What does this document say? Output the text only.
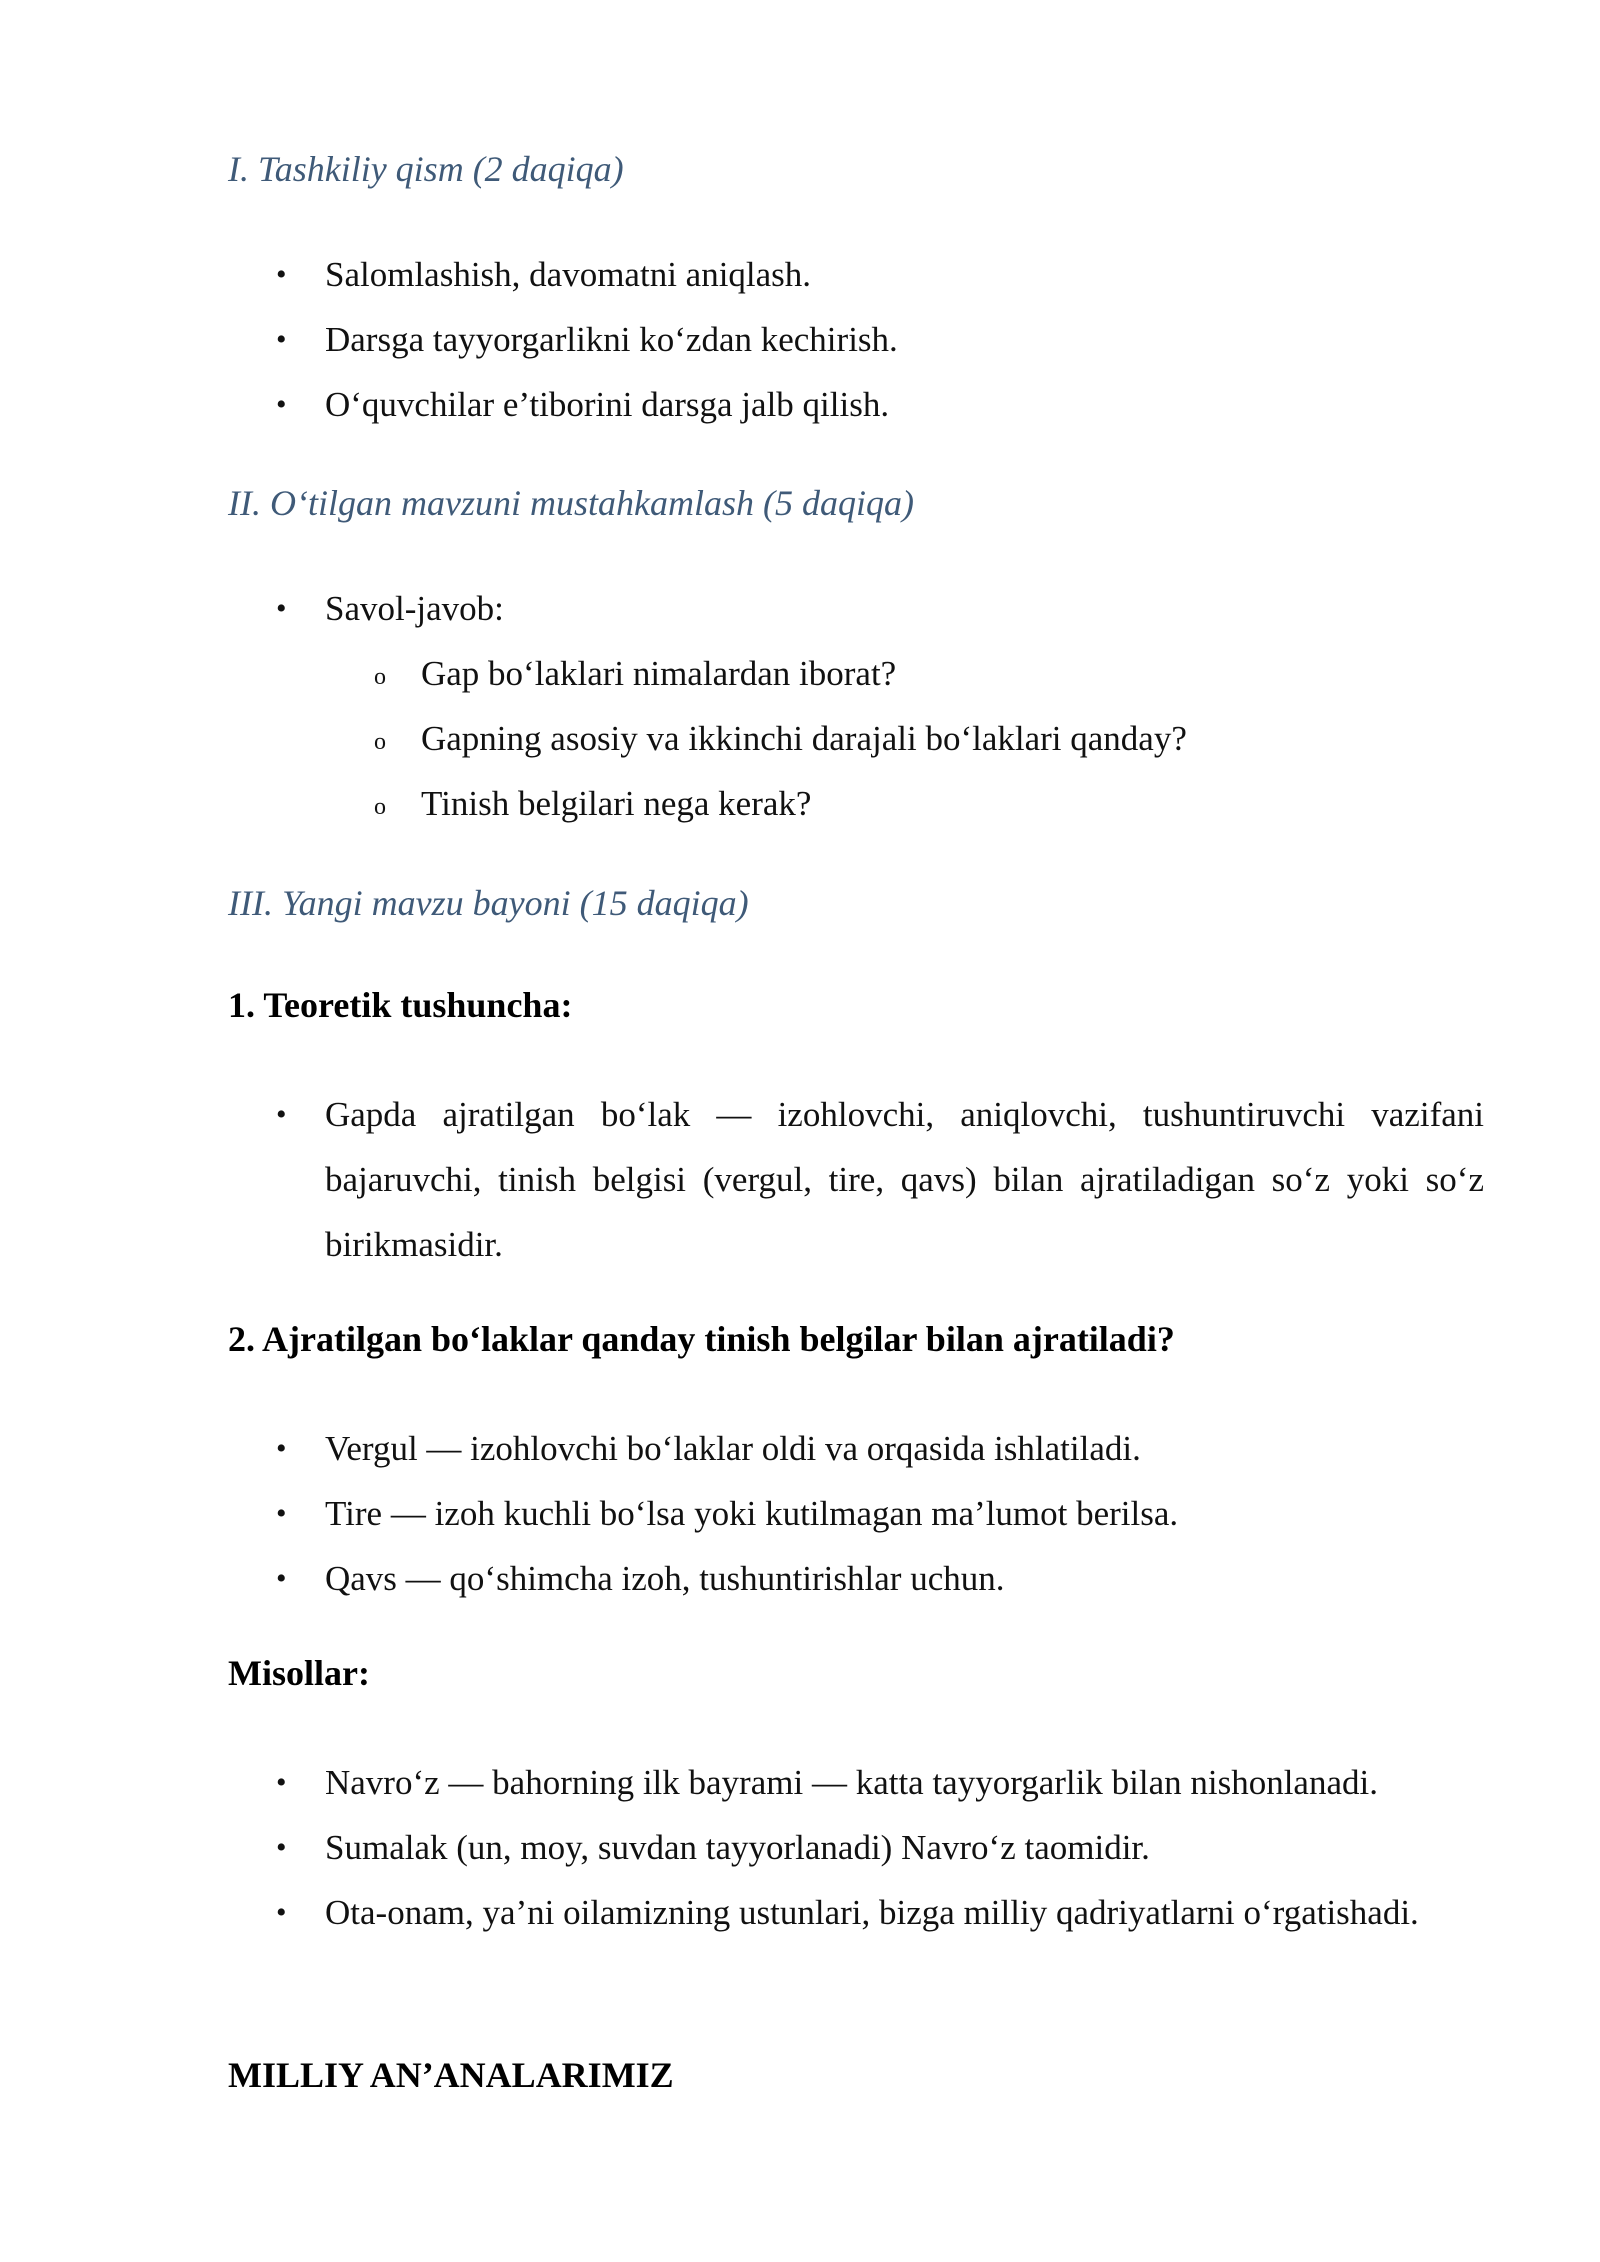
I. Tashkiliy qism (2 daqiqa)
• Salomlashish, davomatni aniqlash.
• Darsga tayyorgarlikni ko‘zdan kechirish.
• O‘quvchilar e’tiborini darsga jalb qilish.
II. O‘tilgan mavzuni mustahkamlash (5 daqiqa)
• Savol-javob:
o Gap bo‘laklari nimalardan iborat?
o Gapning asosiy va ikkinchi darajali bo‘laklari qanday?
o Tinish belgilari nega kerak?
III. Yangi mavzu bayoni (15 daqiqa)
1. Teoretik tushuncha:
• Gapda ajratilgan bo‘lak — izohlovchi, aniqlovchi, tushuntiruvchi vazifani bajaruvchi, tinish belgisi (vergul, tire, qavs) bilan ajratiladigan so‘z yoki so‘z birikmasidir.
2. Ajratilgan bo‘laklar qanday tinish belgilar bilan ajratiladi?
• Vergul — izohlovchi bo‘laklar oldi va orqasida ishlatiladi.
• Tire — izoh kuchli bo‘lsa yoki kutilmagan ma’lumot berilsa.
• Qavs — qo‘shimcha izoh, tushuntirishlar uchun.
Misollar:
• Navro‘z — bahorning ilk bayrami — katta tayyorgarlik bilan nishonlanadi.
• Sumalak (un, moy, suvdan tayyorlanadi) Navro‘z taomidir.
• Ota-onam, ya’ni oilamizning ustunlari, bizga milliy qadriyatlarni o‘rgatishadi.
MILLIY AN’ANALARIMIZ
